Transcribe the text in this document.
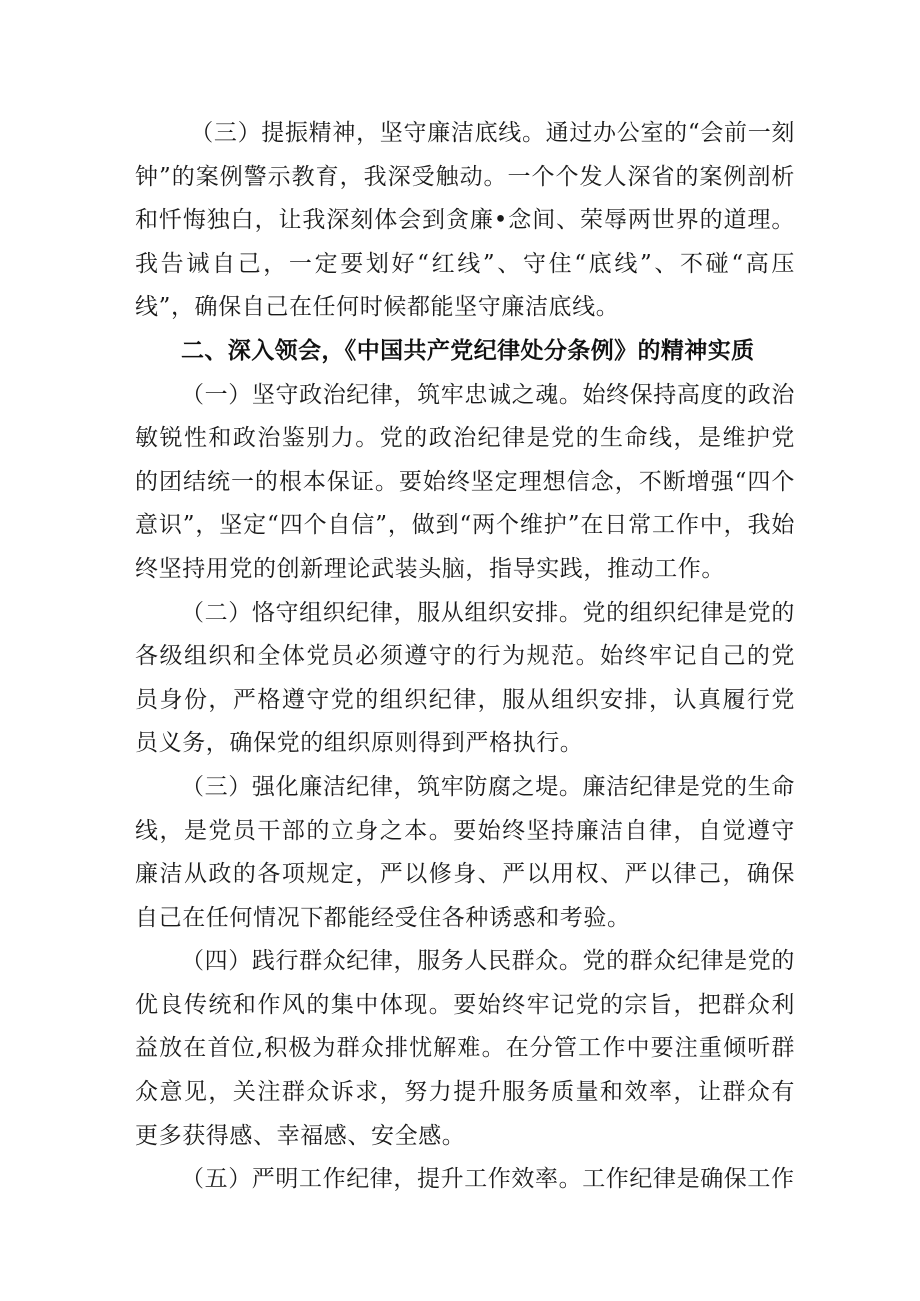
（三）提振精神，坚守廉洁底线。通过办公室的“会前一刻钟”的案例警示教育，我深受触动。一个个发人深省的案例剖析和忏悔独白，让我深刻体会到贪廉•念间、荣辱两世界的道理。我告诫自己，一定要划好“红线”、守住“底线”、不碰“高压线”，确保自己在任何时候都能坚守廉洁底线。

二、深入领会，《中国共产党纪律处分条例》的精神实质

（一）坚守政治纪律，筑牢忠诚之魂。始终保持高度的政治敏锐性和政治鉴别力。党的政治纪律是党的生命线，是维护党的团结统一的根本保证。要始终坚定理想信念，不断增强“四个意识”，坚定“四个自信”，做到“两个维护”在日常工作中，我始终坚持用党的创新理论武装头脑，指导实践，推动工作。

（二）恪守组织纪律，服从组织安排。党的组织纪律是党的各级组织和全体党员必须遵守的行为规范。始终牢记自己的党员身份，严格遵守党的组织纪律，服从组织安排，认真履行党员义务，确保党的组织原则得到严格执行。

（三）强化廉洁纪律，筑牢防腐之堤。廉洁纪律是党的生命线，是党员干部的立身之本。要始终坚持廉洁自律，自觉遵守廉洁从政的各项规定，严以修身、严以用权、严以律己，确保自己在任何情况下都能经受住各种诱惑和考验。

（四）践行群众纪律，服务人民群众。党的群众纪律是党的优良传统和作风的集中体现。要始终牢记党的宗旨，把群众利益放在首位,积极为群众排忧解难。在分管工作中要注重倾听群众意见，关注群众诉求，努力提升服务质量和效率，让群众有更多获得感、幸福感、安全感。

（五）严明工作纪律，提升工作效率。工作纪律是确保工作
